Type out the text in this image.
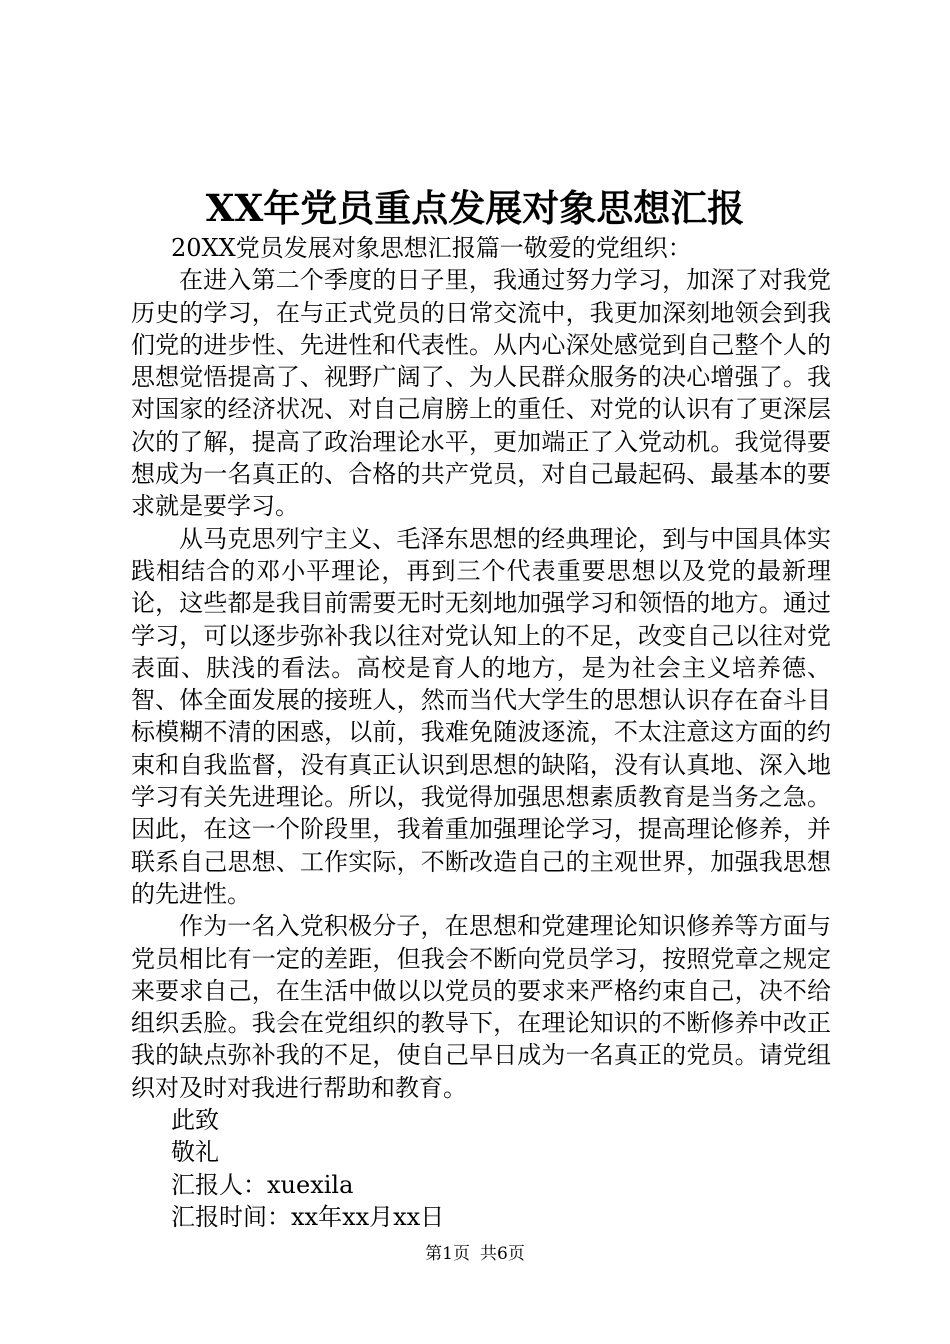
XX年党员重点发展对象思想汇报

20XX党员发展对象思想汇报篇一敬爱的党组织：

在进入第二个季度的日子里，我通过努力学习，加深了对我党历史的学习，在与正式党员的日常交流中，我更加深刻地领会到我们党的进步性、先进性和代表性。从内心深处感觉到自己整个人的思想觉悟提高了、视野广阔了、为人民群众服务的决心增强了。我对国家的经济状况、对自己肩膀上的重任、对党的认识有了更深层次的了解，提高了政治理论水平，更加端正了入党动机。我觉得要想成为一名真正的、合格的共产党员，对自己最起码、最基本的要求就是要学习。

从马克思列宁主义、毛泽东思想的经典理论，到与中国具体实践相结合的邓小平理论，再到三个代表重要思想以及党的最新理论，这些都是我目前需要无时无刻地加强学习和领悟的地方。通过学习，可以逐步弥补我以往对党认知上的不足，改变自己以往对党表面、肤浅的看法。高校是育人的地方，是为社会主义培养德、智、体全面发展的接班人，然而当代大学生的思想认识存在奋斗目标模糊不清的困惑，以前，我难免随波逐流，不太注意这方面的约束和自我监督，没有真正认识到思想的缺陷，没有认真地、深入地学习有关先进理论。所以，我觉得加强思想素质教育是当务之急。因此，在这一个阶段里，我着重加强理论学习，提高理论修养，并联系自己思想、工作实际，不断改造自己的主观世界，加强我思想的先进性。

作为一名入党积极分子，在思想和党建理论知识修养等方面与党员相比有一定的差距，但我会不断向党员学习，按照党章之规定来要求自己，在生活中做以以党员的要求来严格约束自己，决不给组织丢脸。我会在党组织的教导下，在理论知识的不断修养中改正我的缺点弥补我的不足，使自己早日成为一名真正的党员。请党组织对及时对我进行帮助和教育。

此致

敬礼

汇报人：xuexila

汇报时间：xx年xx月xx日

第1页 共6页
